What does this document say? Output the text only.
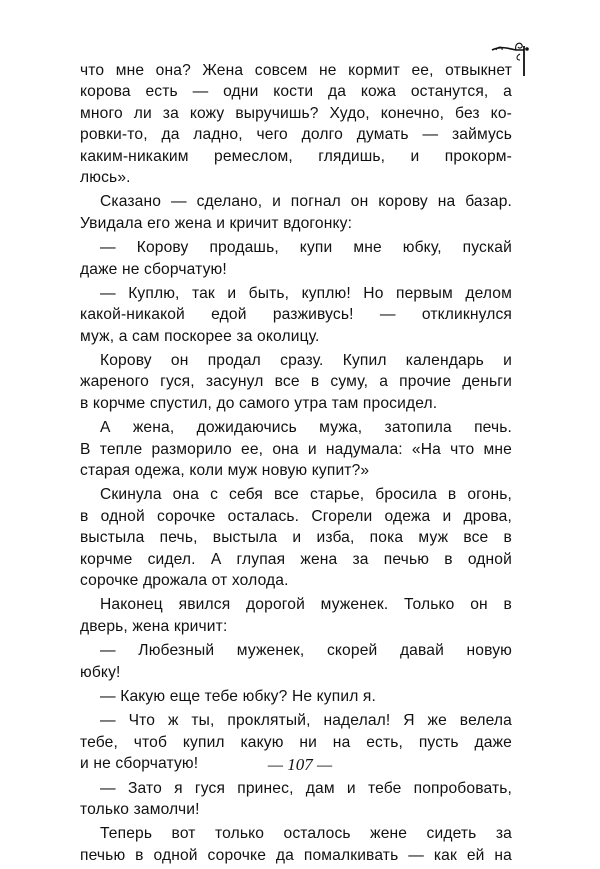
что мне она? Жена совсем не кормит ее, отвыкнет
корова есть — одни кости да кожа останутся, а
много ли за кожу выручишь? Худо, конечно, без ко-
ровки-то, да ладно, чего долго думать — займусь
каким-никаким ремеслом, глядишь, и прокорм-
люсь».

Сказано — сделано, и погнал он корову на базар.
Увидала его жена и кричит вдогонку:

— Корову продашь, купи мне юбку, пускай
даже не сборчатую!

— Куплю, так и быть, куплю! Но первым делом
какой-никакой едой разживусь! — откликнулся
муж, а сам поскорее за околицу.

Корову он продал сразу. Купил календарь и
жареного гуся, засунул все в суму, а прочие деньги
в корчме спустил, до самого утра там просидел.

А жена, дожидаючись мужа, затопила печь.
В тепле разморило ее, она и надумала: «На что мне
старая одежа, коли муж новую купит?»

Скинула она с себя все старье, бросила в огонь,
в одной сорочке осталась. Сгорели одежа и дрова,
выстыла печь, выстыла и изба, пока муж все в
корчме сидел. А глупая жена за печью в одной
сорочке дрожала от холода.

Наконец явился дорогой муженек. Только он в
дверь, жена кричит:

— Любезный муженек, скорей давай новую
юбку!

— Какую еще тебе юбку? Не купил я.

— Что ж ты, проклятый, наделал! Я же велела
тебе, чтоб купил какую ни на есть, пусть даже
и не сборчатую!

— Зато я гуся принес, дам и тебе попробовать,
только замолчи!

Теперь вот только осталось жене сидеть за
печью в одной сорочке да помалкивать — как ей на

— 107 —
